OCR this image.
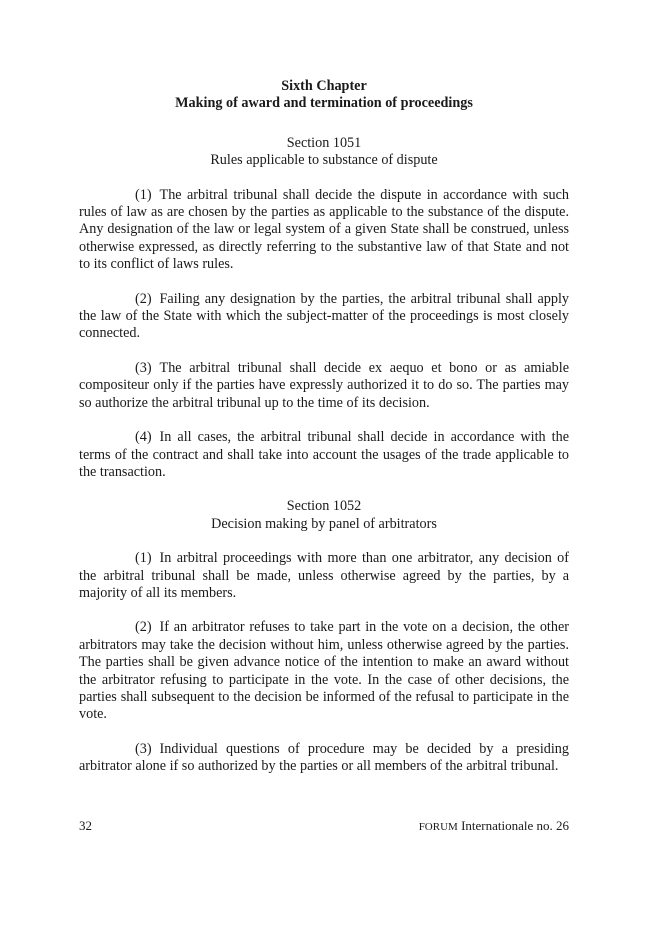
Sixth Chapter

Making of award and termination of proceedings

Section 1051

Rules applicable to substance of dispute

(1) The arbitral tribunal shall decide the dispute in accordance with such rules of law as are chosen by the parties as applicable to the substance of the dispute. Any designation of the law or legal system of a given State shall be construed, unless otherwise expressed, as directly referring to the substantive law of that State and not to its conflict of laws rules.

(2) Failing any designation by the parties, the arbitral tribunal shall apply the law of the State with which the subject-matter of the proceedings is most closely connected.

(3) The arbitral tribunal shall decide ex aequo et bono or as amiable compositeur only if the parties have expressly authorized it to do so. The parties may so authorize the arbitral tribunal up to the time of its decision.

(4) In all cases, the arbitral tribunal shall decide in accordance with the terms of the contract and shall take into account the usages of the trade applicable to the transaction.

Section 1052

Decision making by panel of arbitrators

(1) In arbitral proceedings with more than one arbitrator, any decision of the arbitral tribunal shall be made, unless otherwise agreed by the parties, by a majority of all its members.

(2) If an arbitrator refuses to take part in the vote on a decision, the other arbitrators may take the decision without him, unless otherwise agreed by the parties. The parties shall be given advance notice of the intention to make an award without the arbitrator refusing to participate in the vote. In the case of other decisions, the parties shall subsequent to the decision be informed of the refusal to participate in the vote.

(3) Individual questions of procedure may be decided by a presiding arbitrator alone if so authorized by the parties or all members of the arbitral tribunal.

32	FORUM Internationale no. 26
